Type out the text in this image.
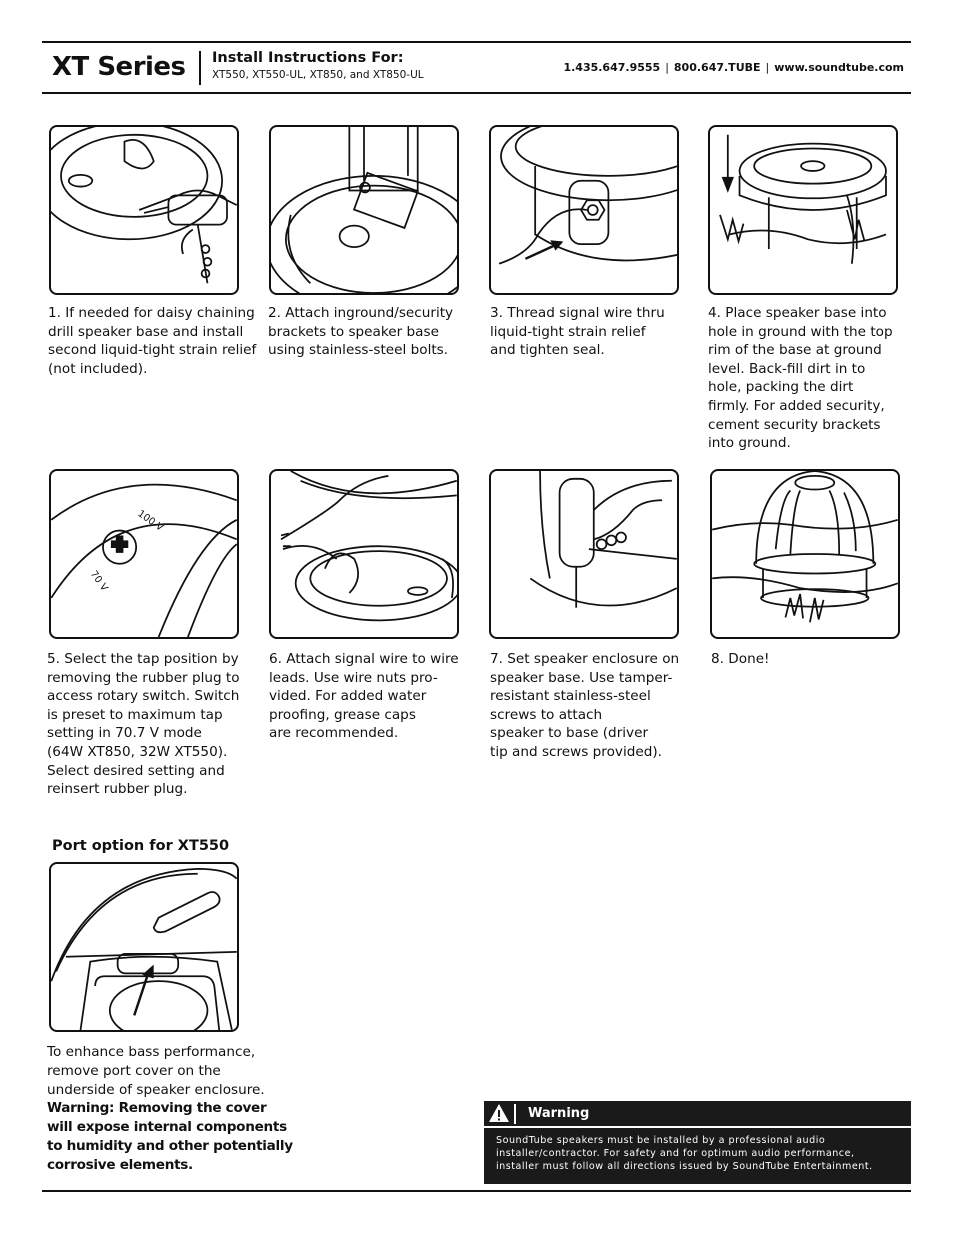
XT Series Install Instructions For:
XT550, XT550-UL, XT850, and XT850-UL
1.435.647.9555 | 800.647.TUBE | www.soundtube.com

1. If needed for daisy chaining
drill speaker base and install
second liquid-tight strain relief
(not included).

2. Attach inground/security
brackets to speaker base
using stainless-steel bolts.

3. Thread signal wire thru
liquid-tight strain relief
and tighten seal.

4. Place speaker base into
hole in ground with the top
rim of the base at ground
level. Back-fill dirt in to
hole, packing the dirt
firmly. For added security,
cement security brackets
into ground.

100 V
70 V

5. Select the tap position by
removing the rubber plug to
access rotary switch. Switch
is preset to maximum tap
setting in 70.7 V mode
(64W XT850, 32W XT550).
Select desired setting and
reinsert rubber plug.

6. Attach signal wire to wire
leads. Use wire nuts pro-
vided. For added water
proofing, grease caps
are recommended.

7. Set speaker enclosure on
speaker base. Use tamper-
resistant stainless-steel
screws to attach
speaker to base (driver
tip and screws provided).

8. Done!

Port option for XT550

To enhance bass performance,
remove port cover on the
underside of speaker enclosure.
Warning: Removing the cover
will expose internal components
to humidity and other potentially
corrosive elements.

Warning
SoundTube speakers must be installed by a professional audio
installer/contractor. For safety and for optimum audio performance,
installer must follow all directions issued by SoundTube Entertainment.
